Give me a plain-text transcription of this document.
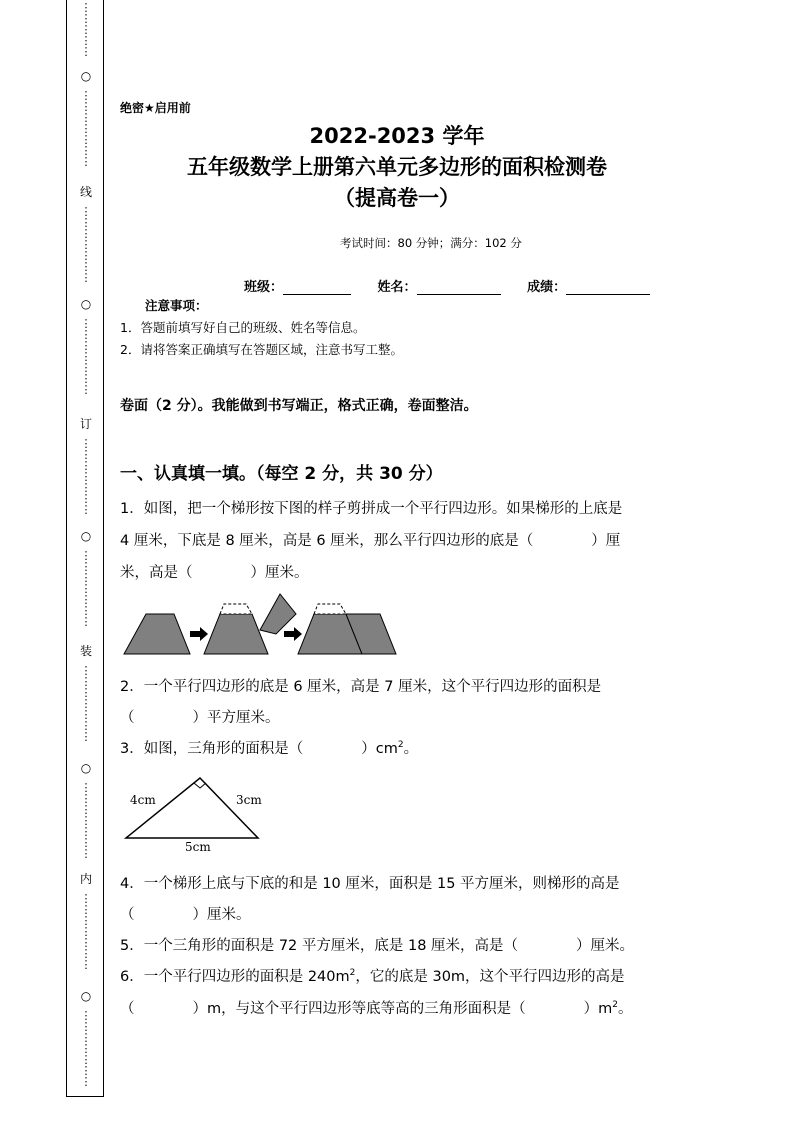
⋮
⋮
⋮
⋮
⋮
○
⋮
⋮
⋮
⋮
⋮
⋮
⋮
线
⋮
⋮
⋮
⋮
⋮
⋮
⋮
○
⋮
⋮
⋮
⋮
⋮
⋮
⋮
订
⋮
⋮
⋮
⋮
⋮
⋮
⋮
○
⋮
⋮
⋮
⋮
⋮
⋮
⋮
装
⋮
⋮
⋮
⋮
⋮
⋮
⋮
○
⋮
⋮
⋮
⋮
⋮
⋮
⋮
内
⋮
⋮
⋮
⋮
⋮
⋮
⋮
○
⋮
⋮
⋮
⋮
⋮
⋮
⋮
绝密★启用前
2022-2023 学年
五年级数学上册第六单元多边形的面积检测卷
（提高卷一）
考试时间：80 分钟；满分：102 分
班级：	姓名：	成绩：
注意事项：
1．答题前填写好自己的班级、姓名等信息。
2．请将答案正确填写在答题区域，注意书写工整。
卷面（2 分）。我能做到书写端正，格式正确，卷面整洁。
一、认真填一填。（每空 2 分，共 30 分）
1．如图，把一个梯形按下图的样子剪拼成一个平行四边形。如果梯形的上底是
4 厘米，下底是 8 厘米，高是 6 厘米，那么平行四边形的底是（　　　　）厘
米，高是（　　　　）厘米。
2．一个平行四边形的底是 6 厘米，高是 7 厘米，这个平行四边形的面积是
（　　　　）平方厘米。
3．如图，三角形的面积是（　　　　）$cm^2$。
4cm	3cm
5cm
4．一个梯形上底与下底的和是 10 厘米，面积是 15 平方厘米，则梯形的高是
（　　　　）厘米。
5．一个三角形的面积是 72 平方厘米，底是 18 厘米，高是（　　　　）厘米。
6．一个平行四边形的面积是 $240m^2$，它的底是 30m，这个平行四边形的高是
（　　　　）m，与这个平行四边形等底等高的三角形面积是（　　　　）$m^2$。
